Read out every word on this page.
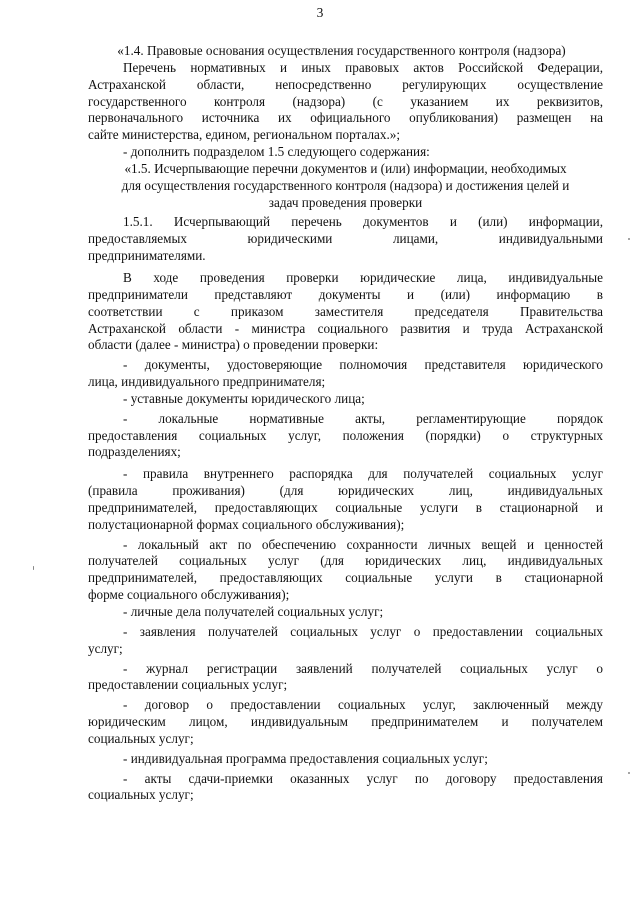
3

«1.4. Правовые основания осуществления государственного контроля (надзора)

Перечень нормативных и иных правовых актов Российской Федерации,

Астраханской области, непосредственно регулирующих осуществление

государственного контроля (надзора) (с указанием их реквизитов,

первоначального источника их официального опубликования) размещен на

сайте министерства, едином, региональном порталах.»;

- дополнить подразделом 1.5 следующего содержания:

«1.5. Исчерпывающие перечни документов и (или) информации, необходимых

для осуществления государственного контроля (надзора) и достижения целей и

задач проведения проверки

1.5.1. Исчерпывающий перечень документов и (или) информации,

предоставляемых юридическими лицами, индивидуальными

предпринимателями.

В ходе проведения проверки юридические лица, индивидуальные

предприниматели представляют документы и (или) информацию в

соответствии с приказом заместителя председателя Правительства

Астраханской области - министра социального развития и труда Астраханской

области (далее - министра) о проведении проверки:

- документы, удостоверяющие полномочия представителя юридического

лица, индивидуального предпринимателя;

- уставные документы юридического лица;

- локальные нормативные акты, регламентирующие порядок

предоставления социальных услуг, положения (порядки) о структурных

подразделениях;

- правила внутреннего распорядка для получателей социальных услуг

(правила проживания) (для юридических лиц, индивидуальных

предпринимателей, предоставляющих социальные услуги в стационарной и

полустационарной формах социального обслуживания);

- локальный акт по обеспечению сохранности личных вещей и ценностей

получателей социальных услуг (для юридических лиц, индивидуальных

предпринимателей, предоставляющих социальные услуги в стационарной

форме социального обслуживания);

- личные дела получателей социальных услуг;

- заявления получателей социальных услуг о предоставлении социальных

услуг;

- журнал регистрации заявлений получателей социальных услуг о

предоставлении социальных услуг;

- договор о предоставлении социальных услуг, заключенный между

юридическим лицом, индивидуальным предпринимателем и получателем

социальных услуг;

- индивидуальная программа предоставления социальных услуг;

- акты сдачи-приемки оказанных услуг по договору предоставления

социальных услуг;
